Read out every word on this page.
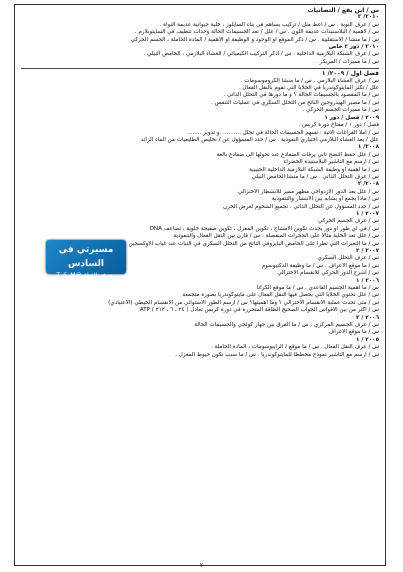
س / ابن يقع / التصانيات
٢٠١٠/ ٢
س / عرف النوية . س / أعط مثل / تركيب يساهم في بناء السايلوز ، خلية حيوانية عديمة النواة .
س / لاهمية / البلاستيدات عديمة اللون . س / علل / تعد الجسيمات الحالة وحدات تنظيف في السايتوبلازم .
س / ما منشأ / الاستقلبية . س / ذكر الموقع او الوجود و الوظيفة او الاهمية / المادة الحاملة ، الجسم الحركي
٢٠١٠ / دور ٢ خاص
س / عرف الشبكة البلازمية الداخلية . س / أذكر التركيب الكيميائي / الغشاء البلازمي ، الحامض النيلي .
س / ما مميزات / المريكز .
فصل اول / ٢٠٠٩/ ١
س / عرف الغشاء البلازمي . س / ما منشأ الكروموسومات .
علل / تكثر المايتوكوندريا في الخلايا التي تقوم بالنقل الفعال .
س / ما المقصود بالجسيمات الحالة ؟ و ما دورها في التحلل الذاتي .
س / ما مصير الهيدروجين الناتج من التحلل السكري في عمليات التنفس .
س / ما مميزات الجسم الحركي .
٢٠٠٩ / فصل / دور ١
فصل / دور ١ / مفتاح دورة كربس .
س / املأ الفراغات الآتية : تسهم الجسيمات الحالة في تحلل ........... و تدوير ........
علل / يعد الغشاء البلازمي اختياري النفوذية . س / حدد المسؤول عن / تخليص الطليعيات من الماء الزائد
٢٠٠٨/ ١
س / علل حفظ النضج تأتي يرقات الضفادع عند تحولها الى ضفادع بالغة
س / ارسم مع التأشير البلاستيدة الخضراء
س / ما اهمية او وظيفة الشبكة البلازمية الداخلية الحبيبية
س / عرف التحلل الذاتي . س / ما منشأ الحامض النيلي
٢٠٠٨/ ٢
س / علل يعد الدور الازدواجي مظهر مميز للانشطار الاختزالي
س / ماذا يجمع او يشابه بين الانتشار والتنفوذية
س / حدد المسؤول عن التحلل الذاتي ، تجميع الشحوم لغرض الخزن
٢٠٠٧ / ١
س / عرف الجسم الحركي
س / في اي طور او دور يحدث تكوين الامشاج ، تكوين المغزل ، تكوين صفيحة خلوية ، تضاعف DNA
س / علل تعد الخلية مثالا على الحجرات المنفصلة . س / قارن بين النقل الفعال والتنفوذية
س / ما التغيرات التي تطرأ على الحامض البايروفي الناتج من التحلل السكري في النبات عند غياب الاوكسجين
٢٠٠٧ / ٢
س / عرف التحلل السكري
س / ما موقع الاعراف . س / ما وظيفة الدكتيوسوم
س / اشرح الدور الحركي للانقسام الاختزالي
٢٠٠٦ / ١
س / ما اهمية الجسيم القاعدي . س / ما موقع الكراتا
س / علل تحتوي الخلايا التي يحصل فيها النقل الفعال على مايتوكوندريا بصورة متجمعة
س / متى تحدث عملية الانقسام الاختزالي ؟ وما اهميتها؟ س / ارسم الطور الاستوائي من الانقسام الخيطي (الاعتيادي)
س / اكثر من بين الاقواس الجواب الصحيح الطاقة المتحررة في دورة كربس تعادل ( ٢٤ ، ٦ ، ٢١٢ ) ATP
٢٠٠٦ / ٢
س / عرف الجسيم المركزي . س / ما الفرق بين جهاز كولجي والجسيمات الحالة
س / ما موقع الاعراف
٢٠٠٥ / ١
س / عرف النقل الفعال . س / ما موقع / الرايبوسومات ، المادة الحاملة .
س / ارسم مع التأشير نموذج مخططا للمايتوكوندريا . س / ما سبب تكون خيوط المغزل .
مسيرتي في السادس
معرف القناة @T_S_M
٢
